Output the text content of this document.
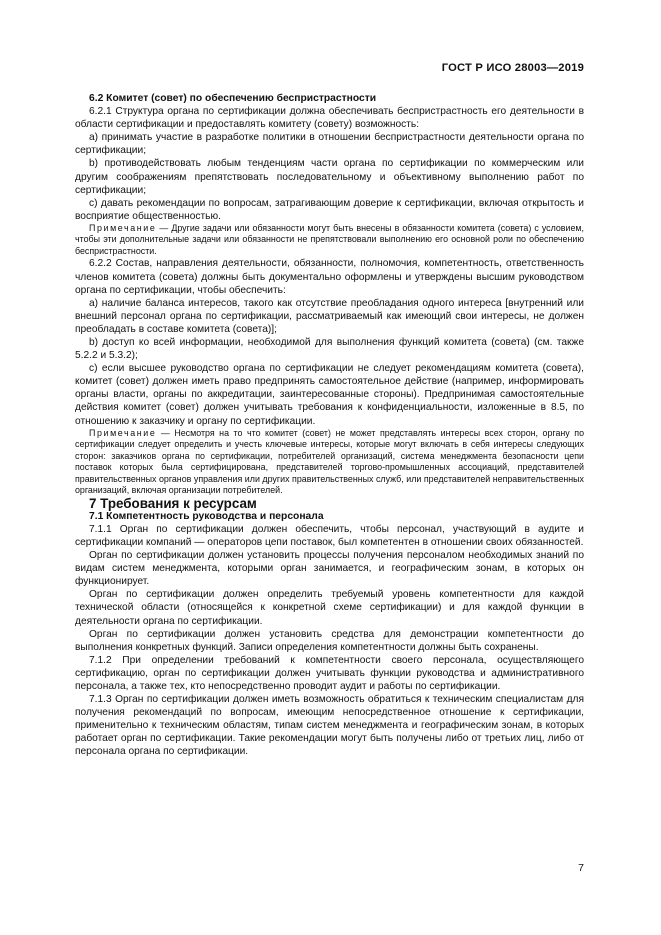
ГОСТ Р ИСО 28003—2019

6.2 Комитет (совет) по обеспечению беспристрастности

6.2.1 Структура органа по сертификации должна обеспечивать беспристрастность его деятельности в области сертификации и предоставлять комитету (совету) возможность:

a) принимать участие в разработке политики в отношении беспристрастности деятельности органа по сертификации;

b) противодействовать любым тенденциям части органа по сертификации по коммерческим или другим соображениям препятствовать последовательному и объективному выполнению работ по сертификации;

c) давать рекомендации по вопросам, затрагивающим доверие к сертификации, включая открытость и восприятие общественностью.

Примечание — Другие задачи или обязанности могут быть внесены в обязанности комитета (совета) с условием, чтобы эти дополнительные задачи или обязанности не препятствовали выполнению его основной роли по обеспечению беспристрастности.

6.2.2 Состав, направления деятельности, обязанности, полномочия, компетентность, ответственность членов комитета (совета) должны быть документально оформлены и утверждены высшим руководством органа по сертификации, чтобы обеспечить:

a) наличие баланса интересов, такого как отсутствие преобладания одного интереса [внутренний или внешний персонал органа по сертификации, рассматриваемый как имеющий свои интересы, не должен преобладать в составе комитета (совета)];

b) доступ ко всей информации, необходимой для выполнения функций комитета (совета) (см. также 5.2.2 и 5.3.2);

c) если высшее руководство органа по сертификации не следует рекомендациям комитета (совета), комитет (совет) должен иметь право предпринять самостоятельное действие (например, информировать органы власти, органы по аккредитации, заинтересованные стороны). Предпринимая самостоятельные действия комитет (совет) должен учитывать требования к конфиденциальности, изложенные в 8.5, по отношению к заказчику и органу по сертификации.

Примечание — Несмотря на то что комитет (совет) не может представлять интересы всех сторон, органу по сертификации следует определить и учесть ключевые интересы, которые могут включать в себя интересы следующих сторон: заказчиков органа по сертификации, потребителей организаций, система менеджмента безопасности цепи поставок которых была сертифицирована, представителей торгово-промышленных ассоциаций, представителей правительственных органов управления или других правительственных служб, или представителей неправительственных организаций, включая организации потребителей.

7 Требования к ресурсам

7.1 Компетентность руководства и персонала

7.1.1 Орган по сертификации должен обеспечить, чтобы персонал, участвующий в аудите и сертификации компаний — операторов цепи поставок, был компетентен в отношении своих обязанностей.

Орган по сертификации должен установить процессы получения персоналом необходимых знаний по видам систем менеджмента, которыми орган занимается, и географическим зонам, в которых он функционирует.

Орган по сертификации должен определить требуемый уровень компетентности для каждой технической области (относящейся к конкретной схеме сертификации) и для каждой функции в деятельности органа по сертификации.

Орган по сертификации должен установить средства для демонстрации компетентности до выполнения конкретных функций. Записи определения компетентности должны быть сохранены.

7.1.2 При определении требований к компетентности своего персонала, осуществляющего сертификацию, орган по сертификации должен учитывать функции руководства и административного персонала, а также тех, кто непосредственно проводит аудит и работы по сертификации.

7.1.3 Орган по сертификации должен иметь возможность обратиться к техническим специалистам для получения рекомендаций по вопросам, имеющим непосредственное отношение к сертификации, применительно к техническим областям, типам систем менеджмента и географическим зонам, в которых работает орган по сертификации. Такие рекомендации могут быть получены либо от третьих лиц, либо от персонала органа по сертификации.

7
